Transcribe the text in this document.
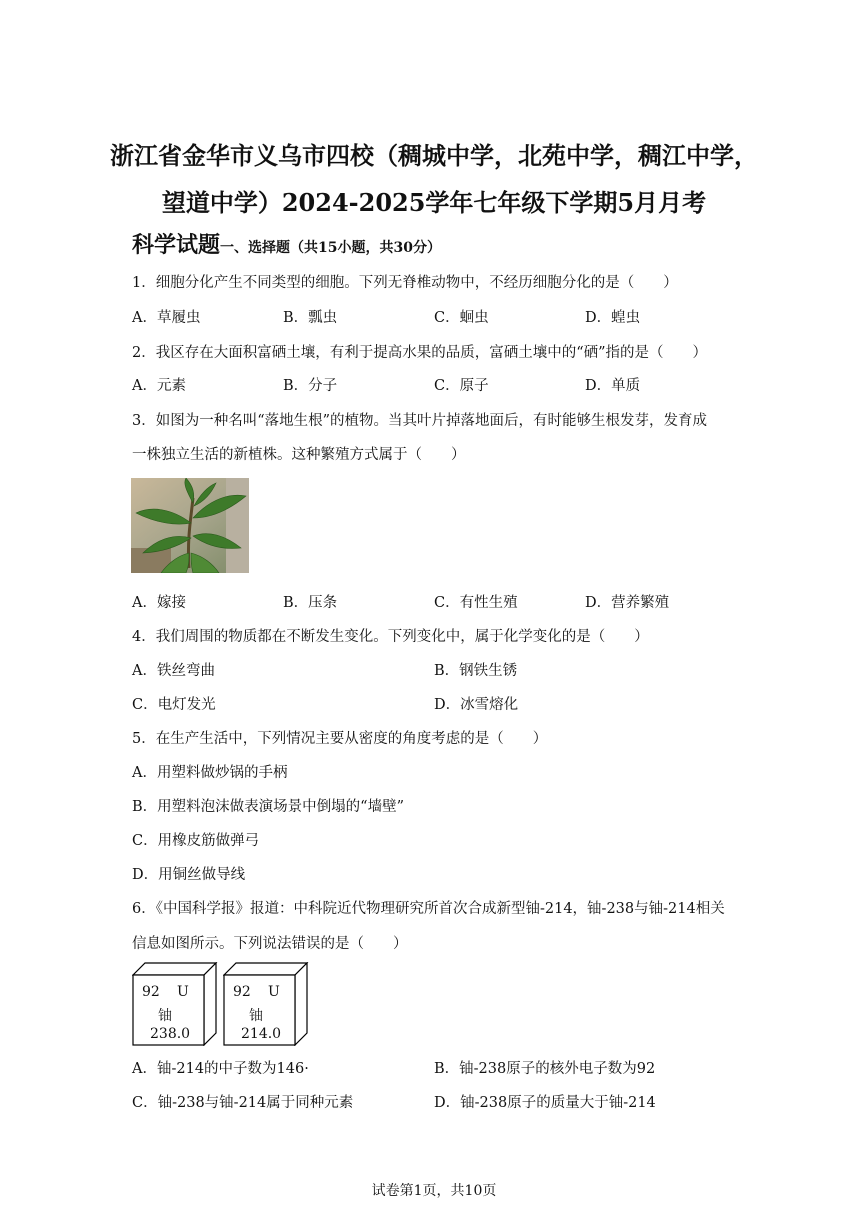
浙江省金华市义乌市四校（稠城中学，北苑中学，稠江中学，
望道中学）2024-2025学年七年级下学期5月月考
科学试题一、选择题（共15小题，共30分）
1．细胞分化产生不同类型的细胞。下列无脊椎动物中，不经历细胞分化的是（　　）
A．草履虫	B．瓢虫	C．蛔虫	D．蝗虫
2．我区存在大面积富硒土壤，有利于提高水果的品质，富硒土壤中的“硒”指的是（　　）
A．元素	B．分子	C．原子	D．单质
3．如图为一种名叫“落地生根”的植物。当其叶片掉落地面后，有时能够生根发芽，发育成
一株独立生活的新植株。这种繁殖方式属于（　　）
A．嫁接	B．压条	C．有性生殖	D．营养繁殖
4．我们周围的物质都在不断发生变化。下列变化中，属于化学变化的是（　　）
A．铁丝弯曲	B．钢铁生锈
C．电灯发光	D．冰雪熔化
5．在生产生活中，下列情况主要从密度的角度考虑的是（　　）
A．用塑料做炒锅的手柄
B．用塑料泡沫做表演场景中倒塌的“墙壁”
C．用橡皮筋做弹弓
D．用铜丝做导线
6．《中国科学报》报道：中科院近代物理研究所首次合成新型铀-214，铀-238与铀-214相关
信息如图所示。下列说法错误的是（　　）
92 U
铀
238.0
92 U
铀
214.0
A．铀-214的中子数为146·	B．铀-238原子的核外电子数为92
C．铀-238与铀-214属于同种元素	D．铀-238原子的质量大于铀-214
试卷第1页，共10页
